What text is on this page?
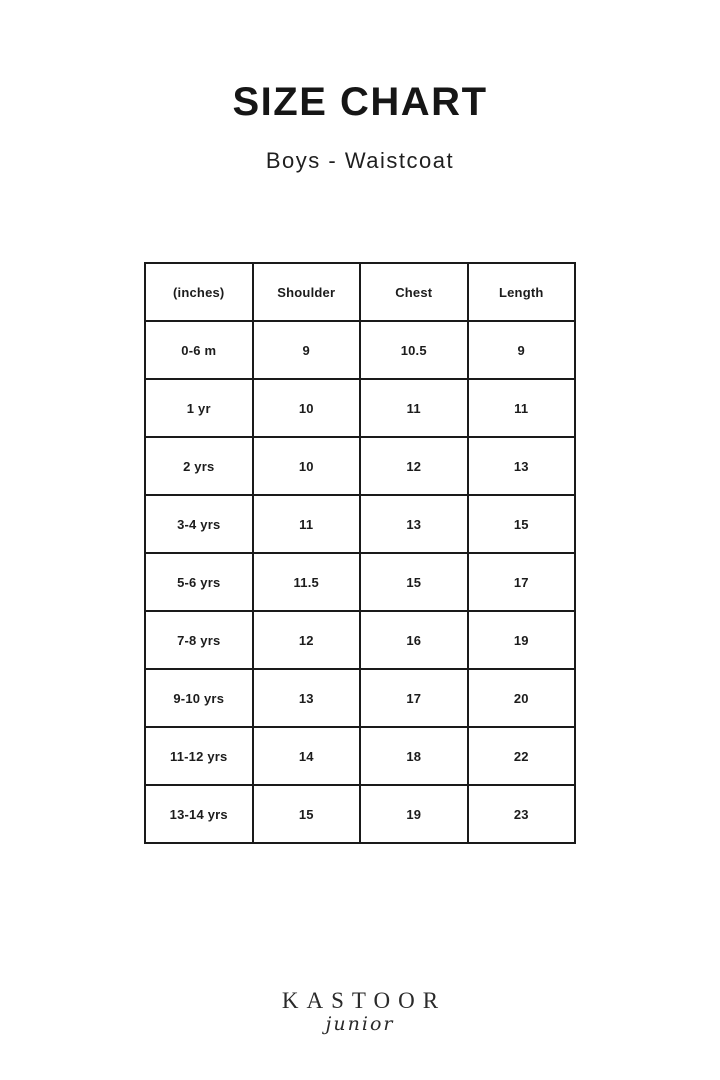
SIZE CHART
Boys - Waistcoat
(inches)	Shoulder	Chest	Length
0-6 m	9	10.5	9
1 yr	10	11	11
2 yrs	10	12	13
3-4 yrs	11	13	15
5-6 yrs	11.5	15	17
7-8 yrs	12	16	19
9-10 yrs	13	17	20
11-12 yrs	14	18	22
13-14 yrs	15	19	23
KASTOOR
junior
